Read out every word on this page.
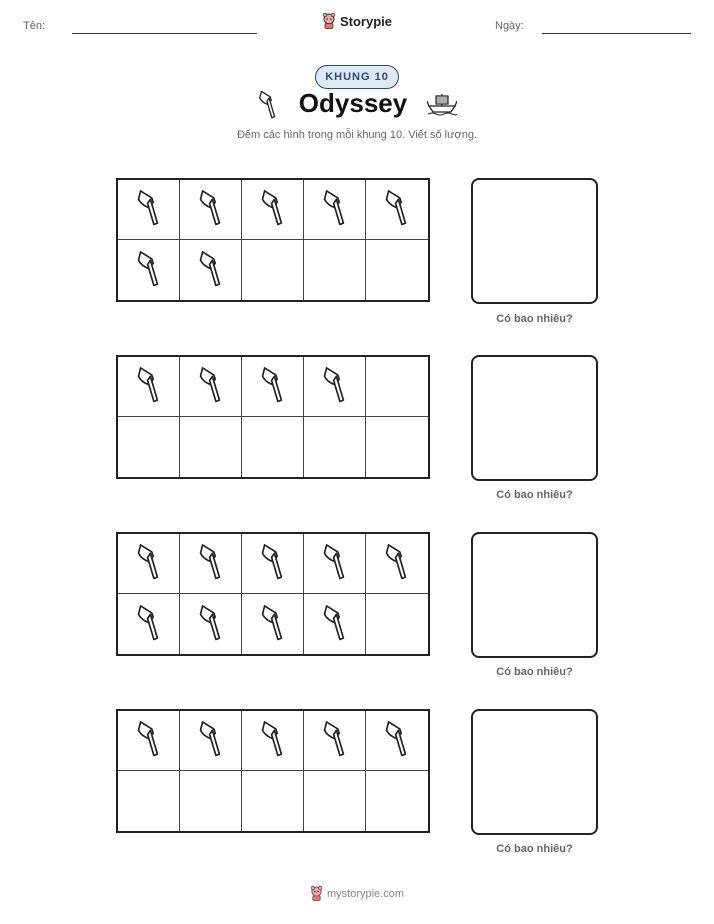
Tên:	Storypie	Ngày:
KHUNG 10
Odyssey
Đếm các hình trong mỗi khung 10. Viết số lượng.
Có bao nhiêu?
Có bao nhiêu?
Có bao nhiêu?
Có bao nhiêu?
mystorypie.com
